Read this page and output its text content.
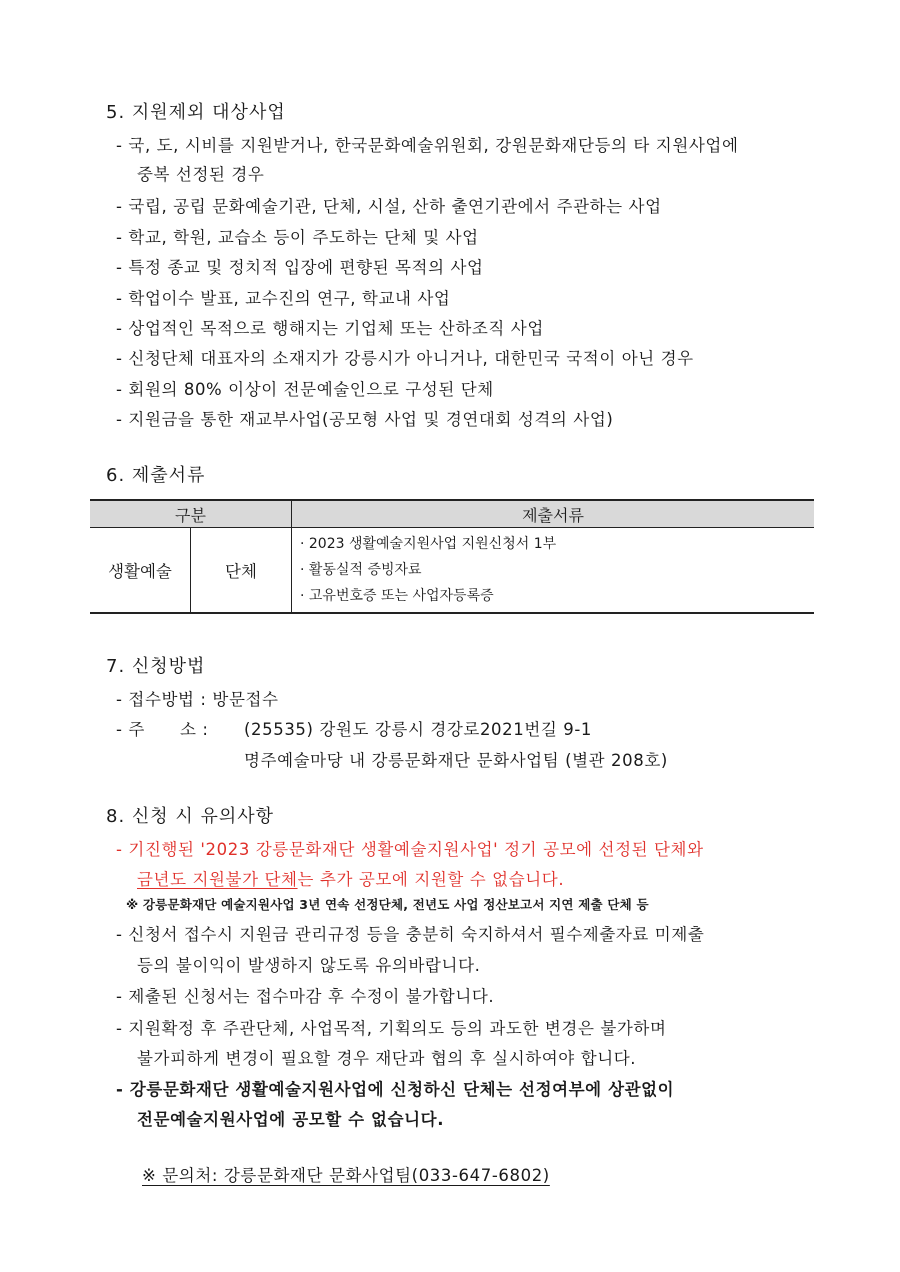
5. 지원제외 대상사업
- 국, 도, 시비를 지원받거나, 한국문화예술위원회, 강원문화재단등의 타 지원사업에
중복 선정된 경우
- 국립, 공립 문화예술기관, 단체, 시설, 산하 출연기관에서 주관하는 사업
- 학교, 학원, 교습소 등이 주도하는 단체 및 사업
- 특정 종교 및 정치적 입장에 편향된 목적의 사업
- 학업이수 발표, 교수진의 연구, 학교내 사업
- 상업적인 목적으로 행해지는 기업체 또는 산하조직 사업
- 신청단체 대표자의 소재지가 강릉시가 아니거나, 대한민국 국적이 아닌 경우
- 회원의 80% 이상이 전문예술인으로 구성된 단체
- 지원금을 통한 재교부사업(공모형 사업 및 경연대회 성격의 사업)
6. 제출서류
구분		제출서류
생활예술	단체	· 2023 생활예술지원사업 지원신청서 1부
· 활동실적 증빙자료
· 고유번호증 또는 사업자등록증
7. 신청방법
- 접수방법 : 방문접수
- 주      소 : (25535) 강원도 강릉시 경강로2021번길 9-1
명주예술마당 내 강릉문화재단 문화사업팀 (별관 208호)
8. 신청 시 유의사항
- 기진행된 '2023 강릉문화재단 생활예술지원사업' 정기 공모에 선정된 단체와
금년도 지원불가 단체는 추가 공모에 지원할 수 없습니다.
※ 강릉문화재단 예술지원사업 3년 연속 선정단체, 전년도 사업 정산보고서 지연 제출 단체 등
- 신청서 접수시 지원금 관리규정 등을 충분히 숙지하셔서 필수제출자료 미제출
등의 불이익이 발생하지 않도록 유의바랍니다.
- 제출된 신청서는 접수마감 후 수정이 불가합니다.
- 지원확정 후 주관단체, 사업목적, 기획의도 등의 과도한 변경은 불가하며
불가피하게 변경이 필요할 경우 재단과 협의 후 실시하여야 합니다.
- 강릉문화재단 생활예술지원사업에 신청하신 단체는 선정여부에 상관없이
전문예술지원사업에 공모할 수 없습니다.
※ 문의처: 강릉문화재단 문화사업팀(033-647-6802)
